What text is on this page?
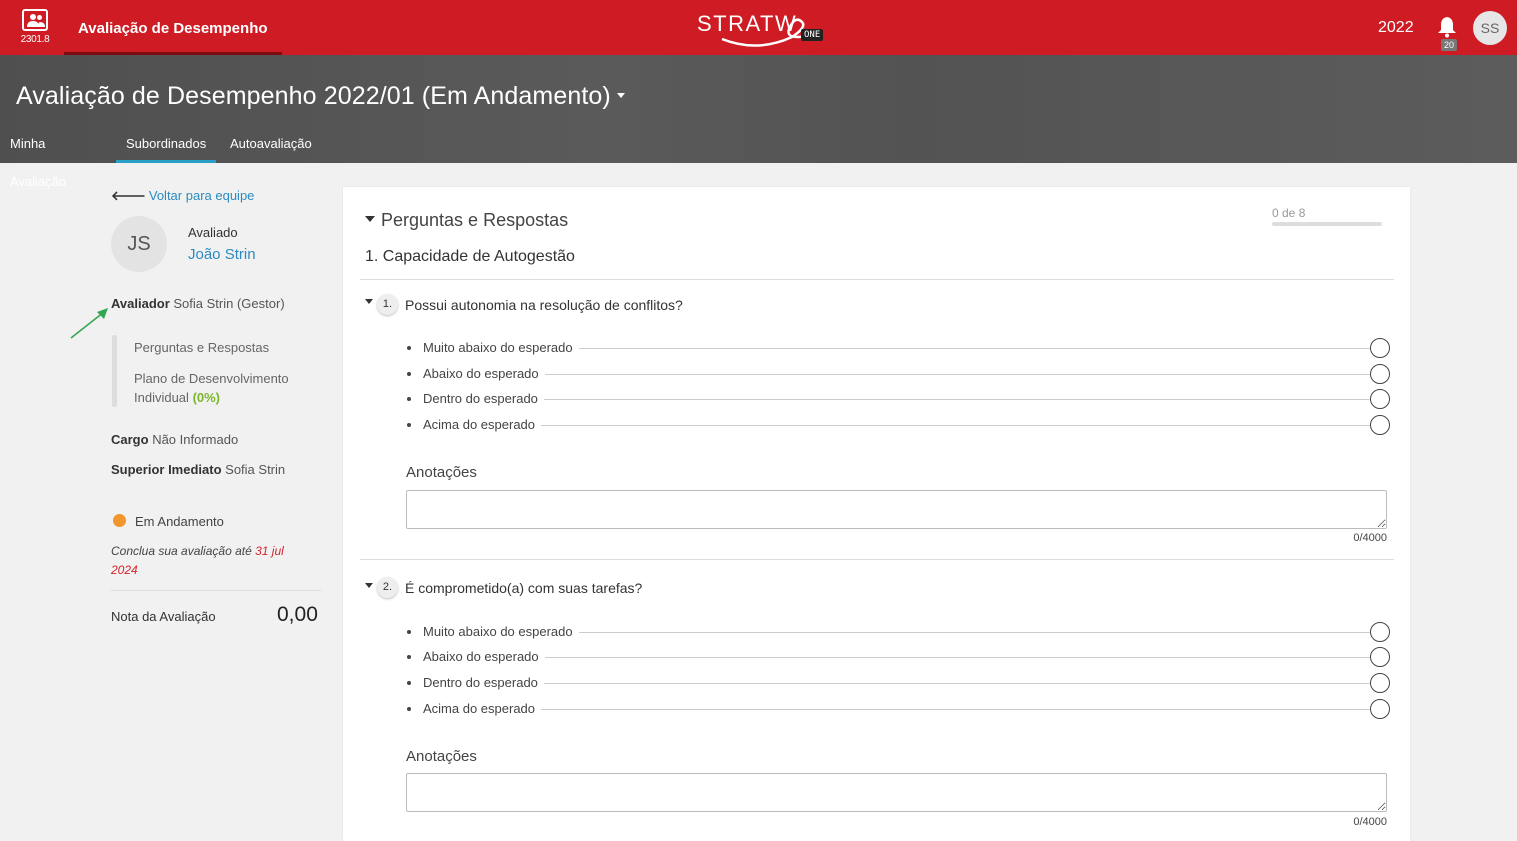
2301.8
Avaliação de Desempenho	STRATW ONE	2022
20
SS
Avaliação de Desempenho 2022/01 (Em Andamento)
Minha Avaliação
Subordinados	Autoavaliação
🡐 Voltar para equipe
JS
Avaliado
João Strin
Avaliador Sofia Strin (Gestor)
Perguntas e Respostas
Plano de Desenvolvimento Individual (0%)
Cargo Não Informado
Superior Imediato Sofia Strin
Em Andamento
Conclua sua avaliação até 31 jul 2024
Nota da Avaliação	0,00
Perguntas e Respostas	0 de 8
1. Capacidade de Autogestão
1. Possui autonomia na resolução de conflitos?
Muito abaixo do esperado
Abaixo do esperado
Dentro do esperado
Acima do esperado
Anotações
0/4000
2. É comprometido(a) com suas tarefas?
Muito abaixo do esperado
Abaixo do esperado
Dentro do esperado
Acima do esperado
Anotações
0/4000
